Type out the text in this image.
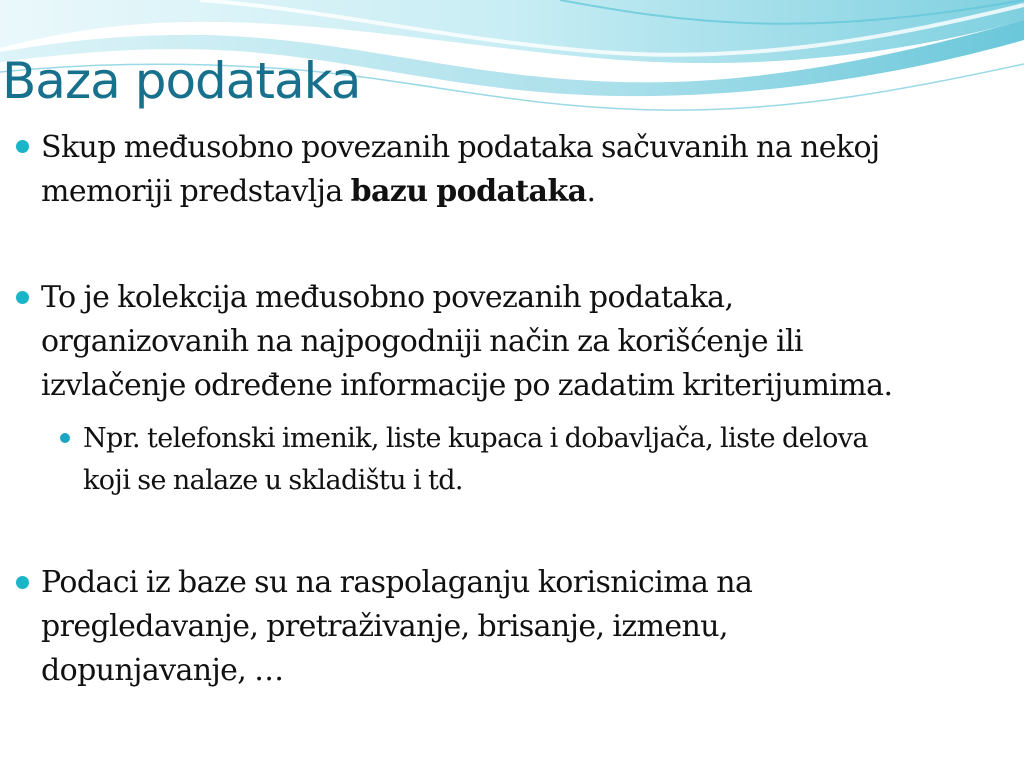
Baza podataka

Skup međusobno povezanih podataka sačuvanih na nekoj
memoriji predstavlja bazu podataka.

To je kolekcija međusobno povezanih podataka,
organizovanih na najpogodniji način za korišćenje ili
izvlačenje određene informacije po zadatim kriterijumima.

Npr. telefonski imenik, liste kupaca i dobavljača, liste delova
koji se nalaze u skladištu i td.

Podaci iz baze su na raspolaganju korisnicima na
pregledavanje, pretraživanje, brisanje, izmenu,
dopunjavanje, …
